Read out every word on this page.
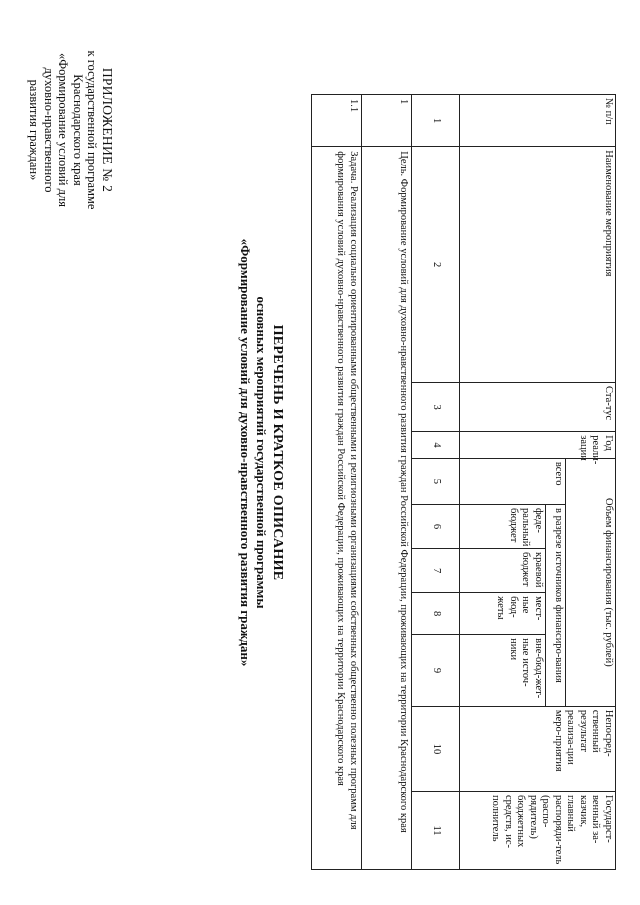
ПРИЛОЖЕНИЕ № 2
к государственной программе
Краснодарского края
«Формирование условий для
духовно-нравственного
развития граждан»
ПЕРЕЧЕНЬ И КРАТКОЕ ОПИСАНИЕ
основных мероприятий государственной программы
«Формирование условий для духовно-нравственного развития граждан»
№ п/п	Наименование мероприятия	Ста-тус	Год реали-зации	Объем финансирования (тыс. рублей)					Непосред-ственный результат реализа-ции меро-приятия	Государст-венный за-казчик, главный распоряди-тель (распо-рядитель) бюджетных средств, ис-полнитель
				всего	в разрезе источников финансиро-вания					
					феде-ральный бюджет	краевой бюджет	мест-ные бюд-жеты	вне-бюд-жет-ные источ-ники		
1	2	3	4	5	6	7	8	9	10	11
1	Цель. Формирование условий для духовно-нравственного развития граждан Российской Федерации, проживающих на территории Краснодарского края									
1.1	Задача. Реализация социально ориентированными общественными и религиозными организациями собственных общественно полезных программ для формирования условий духовно-нравственного развития граждан Российской Федерации, проживающих на территории Краснодарского края									
